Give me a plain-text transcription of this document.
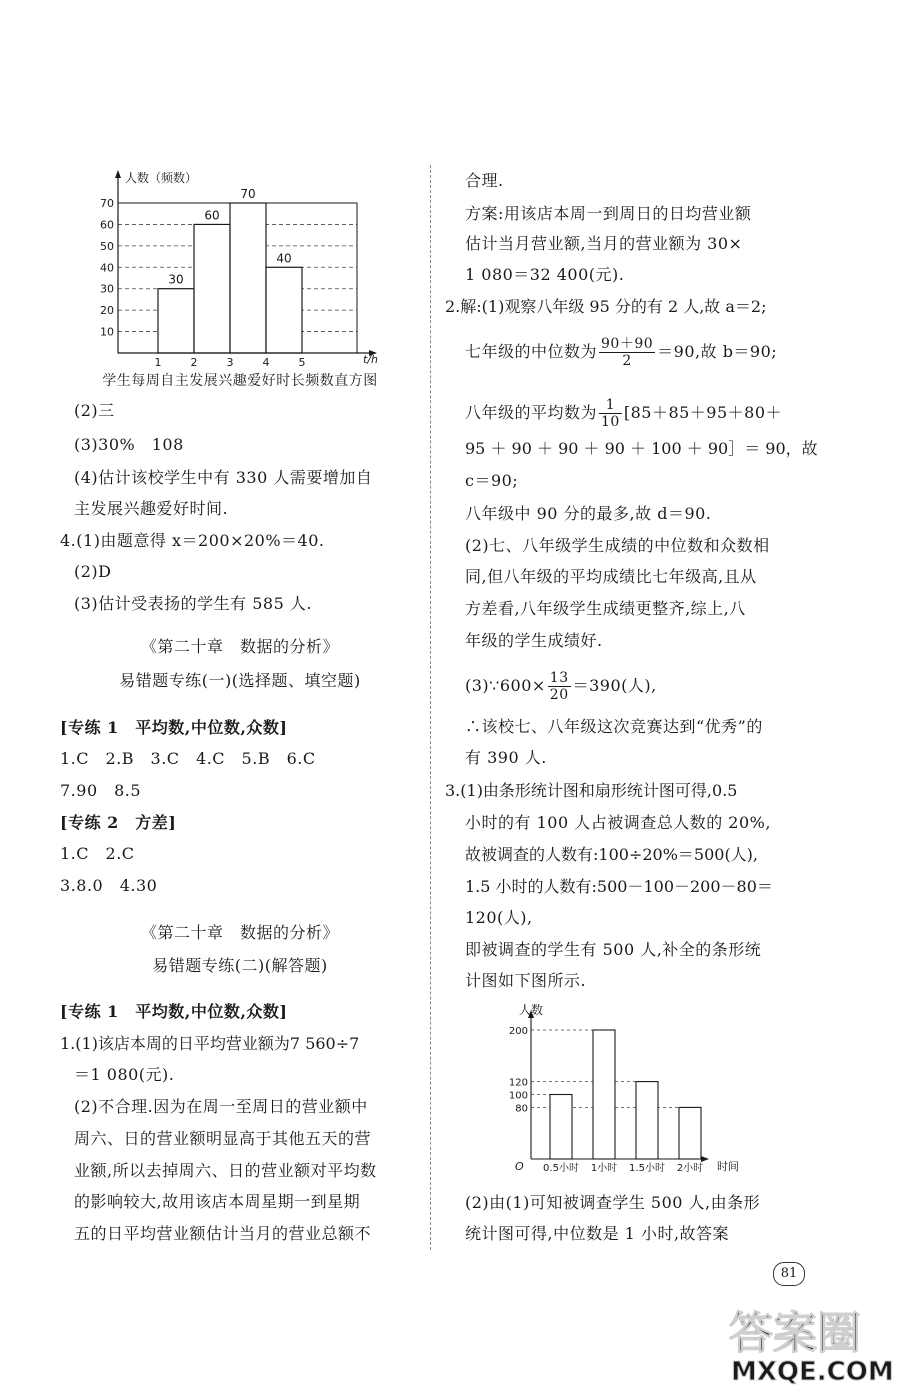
10
20
30
40
50
60
70
1	2	3	4	5
30
60
70
40
人数（频数）
t/h
学生每周自主发展兴趣爱好时长频数直方图
(2)三
(3)30%　108
(4)估计该校学生中有 330 人需要增加自
主发展兴趣爱好时间.
4.(1)由题意得 x＝200×20%＝40.
(2)D
(3)估计受表扬的学生有 585 人.
《第二十章　数据的分析》
易错题专练(一)(选择题、填空题)
[专练 1　平均数,中位数,众数]
1.C　2.B　3.C　4.C　5.B　6.C
7.90　8.5
[专练 2　方差]
1.C　2.C
3.8.0　4.30
《第二十章　数据的分析》
易错题专练(二)(解答题)
[专练 1　平均数,中位数,众数]
1.(1)该店本周的日平均营业额为7 560÷7
＝1 080(元).
(2)不合理.因为在周一至周日的营业额中
周六、日的营业额明显高于其他五天的营
业额,所以去掉周六、日的营业额对平均数
的影响较大,故用该店本周星期一到星期
五的日平均营业额估计当月的营业总额不
合理.
方案:用该店本周一到周日的日均营业额
估计当月营业额,当月的营业额为 30×
1 080＝32 400(元).
2.解:(1)观察八年级 95 分的有 2 人,故 a＝2;
七年级的中位数为 $\frac{90+90}{2} =90$,故 b＝90;
八年级的平均数为 $\frac{1}{10} [85+85+95+80+$
95 ＋ 90 ＋ 90 ＋ 90 ＋ 100 ＋ 90］＝ 90，故
c＝90;
八年级中 90 分的最多,故 d＝90.
(2)七、八年级学生成绩的中位数和众数相
同,但八年级的平均成绩比七年级高,且从
方差看,八年级学生成绩更整齐,综上,八
年级的学生成绩好.
(3)∵600× $\frac{13}{20} =390$(人),
∴该校七、八年级这次竞赛达到“优秀”的
有 390 人.
3.(1)由条形统计图和扇形统计图可得,0.5
小时的有 100 人占被调查总人数的 20%,
故被调查的人数有:100÷20%＝500(人),
1.5 小时的人数有:500－100－200－80＝
120(人),
即被调查的学生有 500 人,补全的条形统
计图如下图所示.
(2)由(1)可知被调查学生 500 人,由条形
统计图可得,中位数是 1 小时,故答案
80
100
120
200
0.5小时 1小时 1.5小时 2小时
人数
时间
O
81
答案圈
MXQE.COM
